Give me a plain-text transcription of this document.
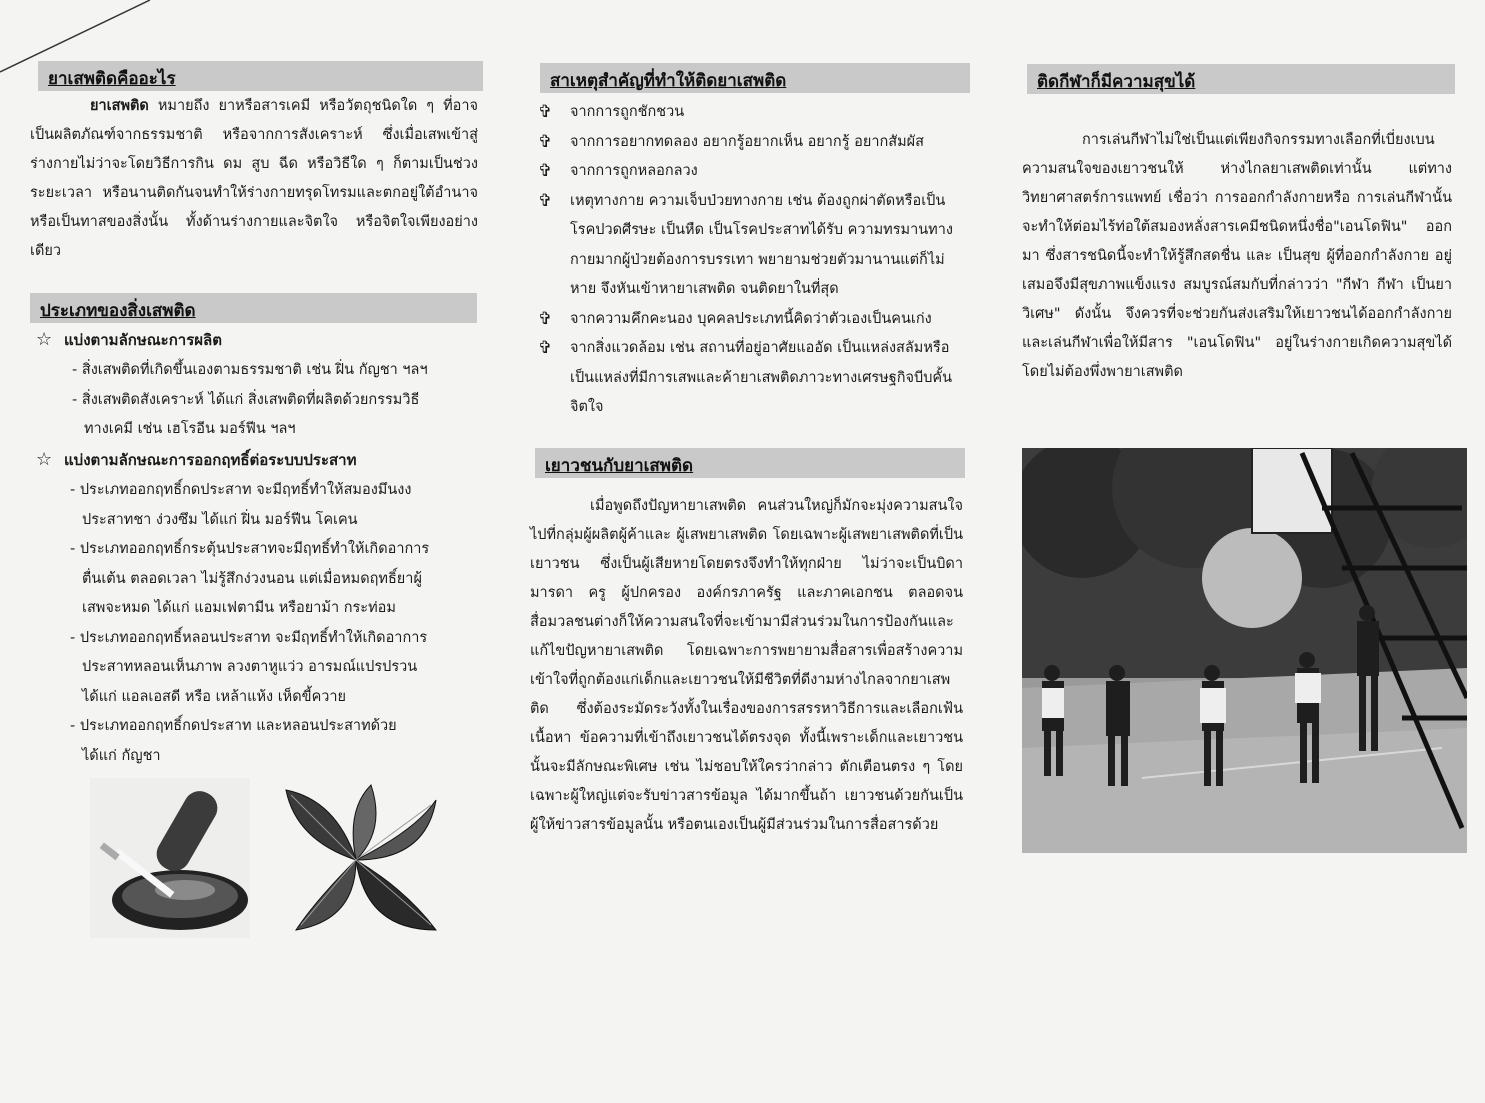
ยาเสพติดคืออะไร
ยาเสพติด หมายถึง ยาหรือสารเคมี หรือวัตถุชนิดใด ๆ ที่อาจเป็นผลิตภัณฑ์จากธรรมชาติ หรือจากการสังเคราะห์ ซึ่งเมื่อเสพเข้าสู่ร่างกายไม่ว่าจะโดยวิธีการกิน ดม สูบ ฉีด หรือวิธีใด ๆ ก็ตามเป็นช่วงระยะเวลา หรือนานติดกันจนทำให้ร่างกายทรุดโทรมและตกอยู่ใต้อำนาจหรือเป็นทาสของสิ่งนั้น ทั้งด้านร่างกายและจิตใจ หรือจิตใจเพียงอย่างเดียว
ประเภทของสิ่งเสพติด
☆ แบ่งตามลักษณะการผลิต
- สิ่งเสพติดที่เกิดขึ้นเองตามธรรมชาติ เช่น ฝิ่น กัญชา ฯลฯ
- สิ่งเสพติดสังเคราะห์ ได้แก่ สิ่งเสพติดที่ผลิตด้วยกรรมวิธี
ทางเคมี เช่น เฮโรอีน มอร์ฟีน ฯลฯ
☆ แบ่งตามลักษณะการออกฤทธิ์ต่อระบบประสาท
- ประเภทออกฤทธิ์กดประสาท จะมีฤทธิ์ทำให้สมองมึนงง
ประสาทชา ง่วงซึม ได้แก่ ฝิ่น มอร์ฟีน โคเคน
- ประเภทออกฤทธิ์กระตุ้นประสาทจะมีฤทธิ์ทำให้เกิดอาการ
ตื่นเต้น ตลอดเวลา ไม่รู้สึกง่วงนอน แต่เมื่อหมดฤทธิ์ยาผู้
เสพจะหมด ได้แก่ แอมเฟตามีน หรือยาม้า กระท่อม
- ประเภทออกฤทธิ์หลอนประสาท จะมีฤทธิ์ทำให้เกิดอาการ
ประสาทหลอนเห็นภาพ ลวงตาหูแว่ว อารมณ์แปรปรวน
ได้แก่ แอลเอสดี หรือ เหล้าแห้ง เห็ดขี้ควาย
- ประเภทออกฤทธิ์กดประสาท และหลอนประสาทด้วย
ได้แก่ กัญชา
สาเหตุสำคัญที่ทำให้ติดยาเสพติด
✞ จากการถูกชักชวน
✞ จากการอยากทดลอง อยากรู้อยากเห็น อยากรู้ อยากสัมผัส
✞ จากการถูกหลอกลวง
✞ เหตุทางกาย ความเจ็บป่วยทางกาย เช่น ต้องถูกผ่าตัดหรือเป็นโรคปวดศีรษะ เป็นหืด เป็นโรคประสาทได้รับ ความทรมานทางกายมากผู้ป่วยต้องการบรรเทา พยายามช่วยตัวมานานแต่ก็ไม่หาย จึงหันเข้าหายาเสพติด จนติดยาในที่สุด
✞ จากความคึกคะนอง บุคคลประเภทนี้คิดว่าตัวเองเป็นคนเก่ง
✞ จากสิ่งแวดล้อม เช่น สถานที่อยู่อาศัยแออัด เป็นแหล่งสลัมหรือเป็นแหล่งที่มีการเสพและค้ายาเสพติดภาวะทางเศรษฐกิจบีบคั้นจิตใจ
เยาวชนกับยาเสพติด
เมื่อพูดถึงปัญหายาเสพติด คนส่วนใหญ่ก็มักจะมุ่งความสนใจไปที่กลุ่มผู้ผลิตผู้ค้าและ ผู้เสพยาเสพติด โดยเฉพาะผู้เสพยาเสพติดที่เป็นเยาวชน ซึ่งเป็นผู้เสียหายโดยตรงจึงทำให้ทุกฝ่าย ไม่ว่าจะเป็นบิดามารดา ครู ผู้ปกครอง องค์กรภาครัฐ และภาคเอกชน ตลอดจนสื่อมวลชนต่างก็ให้ความสนใจที่จะเข้ามามีส่วนร่วมในการป้องกันและแก้ไขปัญหายาเสพติด โดยเฉพาะการพยายามสื่อสารเพื่อสร้างความเข้าใจที่ถูกต้องแก่เด็กและเยาวชนให้มีชีวิตที่ดีงามห่างไกลจากยาเสพติด ซึ่งต้องระมัดระวังทั้งในเรื่องของการสรรหาวิธีการและเลือกเฟ้นเนื้อหา ข้อความที่เข้าถึงเยาวชนได้ตรงจุด ทั้งนี้เพราะเด็กและเยาวชนนั้นจะมีลักษณะพิเศษ เช่น ไม่ชอบให้ใครว่ากล่าว ตักเตือนตรง ๆ โดยเฉพาะผู้ใหญ่แต่จะรับข่าวสารข้อมูล ได้มากขึ้นถ้า เยาวชนด้วยกันเป็นผู้ให้ข่าวสารข้อมูลนั้น หรือตนเองเป็นผู้มีส่วนร่วมในการสื่อสารด้วย
ติดกีฬาก็มีความสุขได้
การเล่นกีฬาไม่ใช่เป็นแต่เพียงกิจกรรมทางเลือกที่เบี่ยงเบนความสนใจของเยาวชนให้ ห่างไกลยาเสพติดเท่านั้น แต่ทางวิทยาศาสตร์การแพทย์ เชื่อว่า การออกกำลังกายหรือ การเล่นกีฬานั้น จะทำให้ต่อมไร้ท่อใต้สมองหลั่งสารเคมีชนิดหนึ่งชื่อ"เอนโดฟิน" ออกมา ซึ่งสารชนิดนี้จะทำให้รู้สึกสดชื่น และ เป็นสุข ผู้ที่ออกกำลังกาย อยู่เสมอจึงมีสุขภาพแข็งแรง สมบูรณ์สมกับที่กล่าวว่า "กีฬา กีฬา เป็นยาวิเศษ" ดังนั้น จึงควรที่จะช่วยกันส่งเสริมให้เยาวชนได้ออกกำลังกายและเล่นกีฬาเพื่อให้มีสาร "เอนโดฟิน" อยู่ในร่างกายเกิดความสุขได้ โดยไม่ต้องพึ่งพายาเสพติด
